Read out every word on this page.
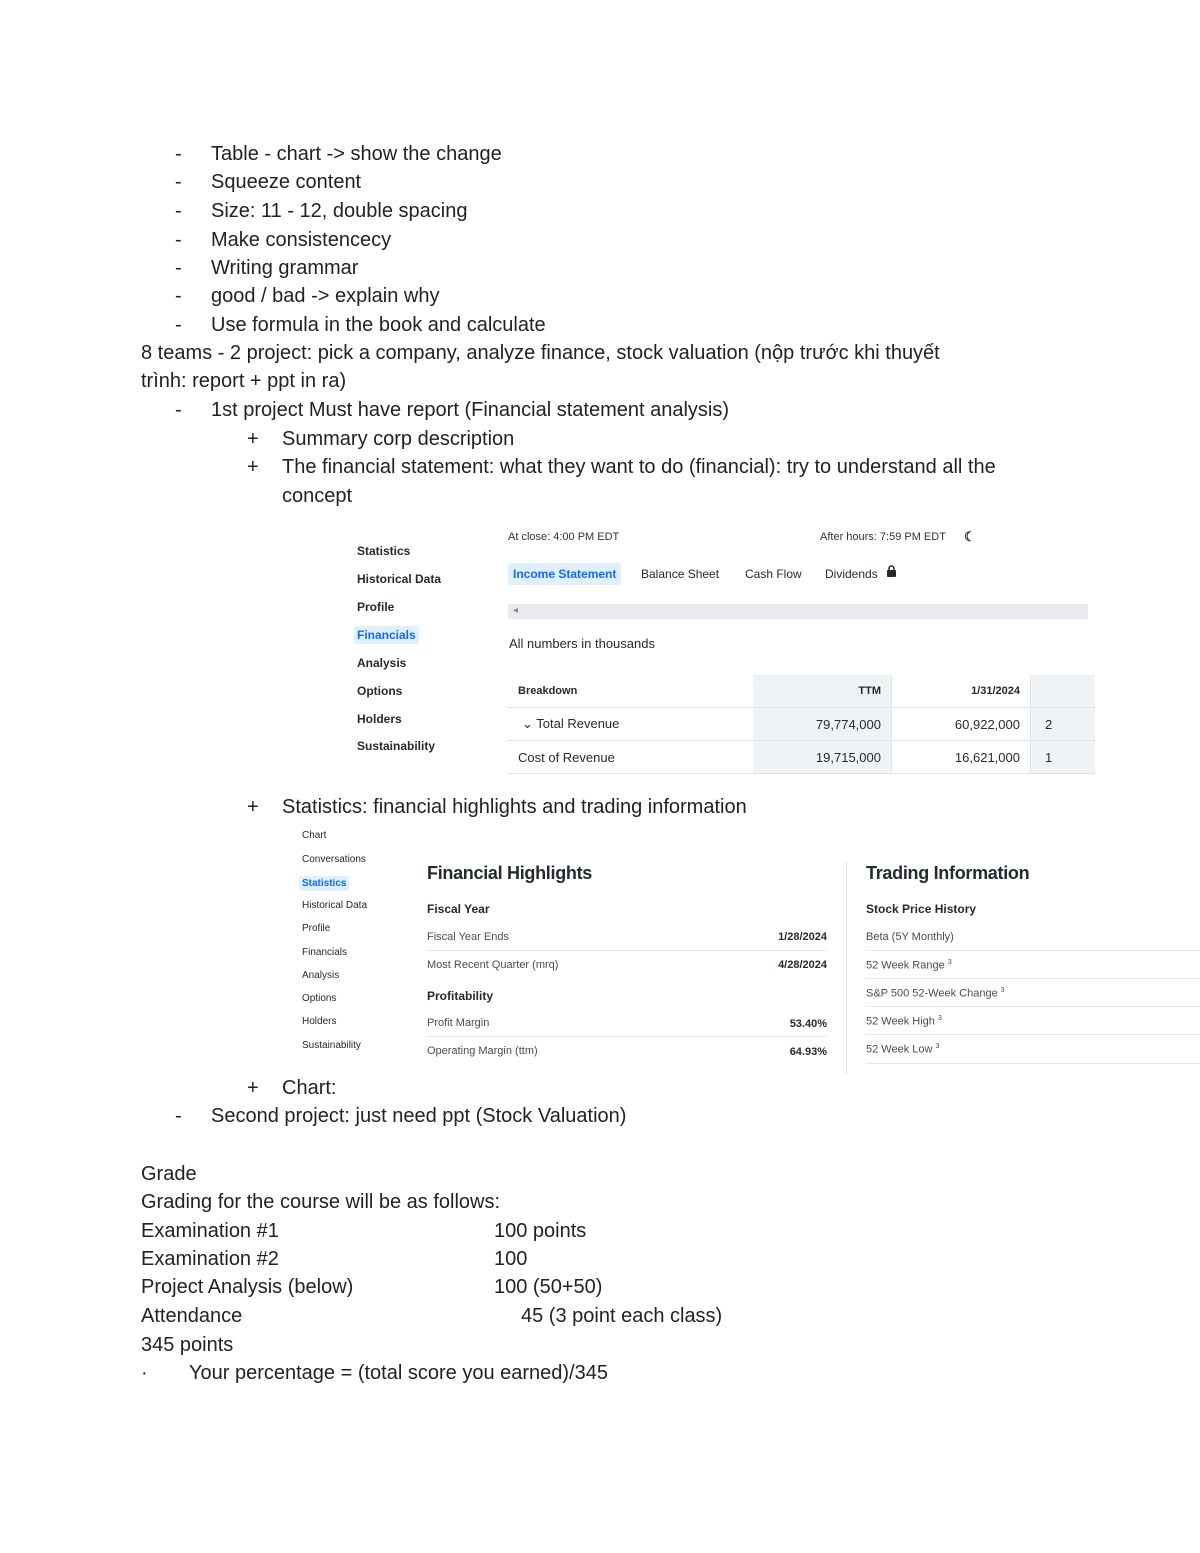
- Table - chart -> show the change
- Squeeze content
- Size: 11 - 12, double spacing
- Make consistencecy
- Writing grammar
- good / bad -> explain why
- Use formula in the book and calculate
8 teams - 2 project: pick a company, analyze finance, stock valuation (nộp trước khi thuyết
trình: report + ppt in ra)
- 1st project Must have report (Financial statement analysis)
+ Summary corp description
+ The financial statement: what they want to do (financial): try to understand all the
concept
Statistics
Historical Data
Profile
Financials
Analysis
Options
Holders
Sustainability
At close: 4:00 PM EDT	After hours: 7:59 PM EDT ☾
Income Statement	Balance Sheet Cash Flow Dividends
◂
All numbers in thousands
Breakdown	TTM	1/31/2024	
⌄ Total Revenue	79,774,000	60,922,000	2
Cost of Revenue	19,715,000	16,621,000	1
+ Statistics: financial highlights and trading information
Chart
Conversations
Statistics
Historical Data
Profile
Financials
Analysis
Options
Holders
Sustainability
Financial Highlights
Fiscal Year
Fiscal Year Ends	1/28/2024
Most Recent Quarter (mrq)	4/28/2024
Profitability
Profit Margin	53.40%
Operating Margin (ttm)	64.93%
Trading Information
Stock Price History
Beta (5Y Monthly)
52 Week Range $^3$
S&P 500 52-Week Change $^3$
52 Week High $^3$
52 Week Low $^3$
+ Chart:
- Second project: just need ppt (Stock Valuation)
Grade
Grading for the course will be as follows:
Examination #1	100 points
Examination #2	100
Project Analysis (below)	100 (50+50)
Attendance	45 (3 point each class)
345 points
· Your percentage = (total score you earned)/345
